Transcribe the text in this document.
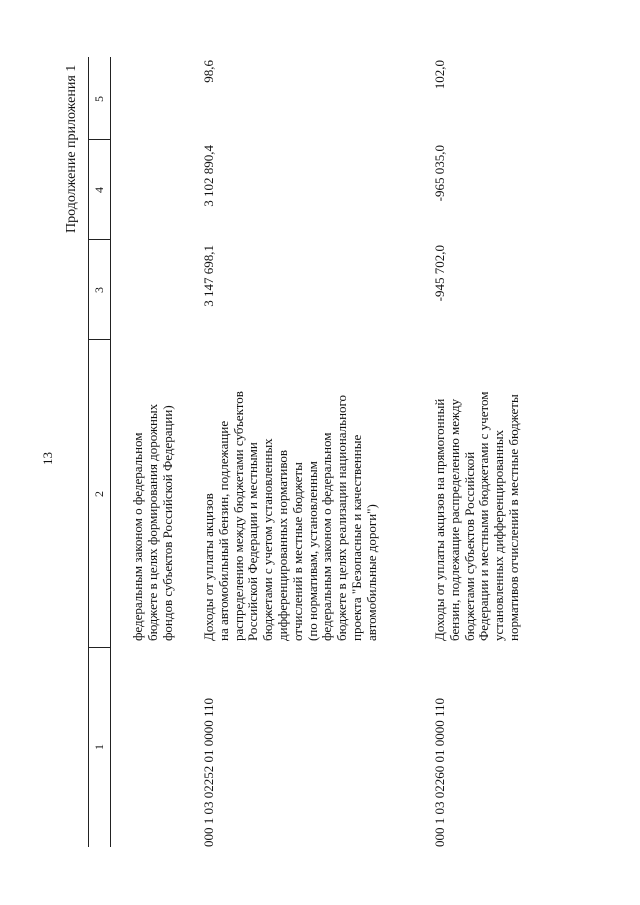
13
Продолжение приложения 1
1
2
3
4
5
федеральным законом о федеральном бюджете в целях формирования дорожных фондов субъектов Российской Федерации)
000 1 03 02252 01 0000 110
Доходы от уплаты акцизов на автомобильный бензин, подлежащие распределению между бюджетами субъектов Российской Федерации и местными бюджетами с учетом установленных дифференцированных нормативов отчислений в местные бюджеты (по нормативам, установленным федеральным законом о федеральном бюджете в целях реализации национального проекта "Безопасные и качественные автомобильные дороги")
3 147 698,1
3 102 890,4
98,6
000 1 03 02260 01 0000 110
Доходы от уплаты акцизов на прямогонный бензин, подлежащие распределению между бюджетами субъектов Российской Федерации и местными бюджетами с учетом установленных дифференцированных нормативов отчислений в местные бюджеты
-945 702,0
-965 035,0
102,0
